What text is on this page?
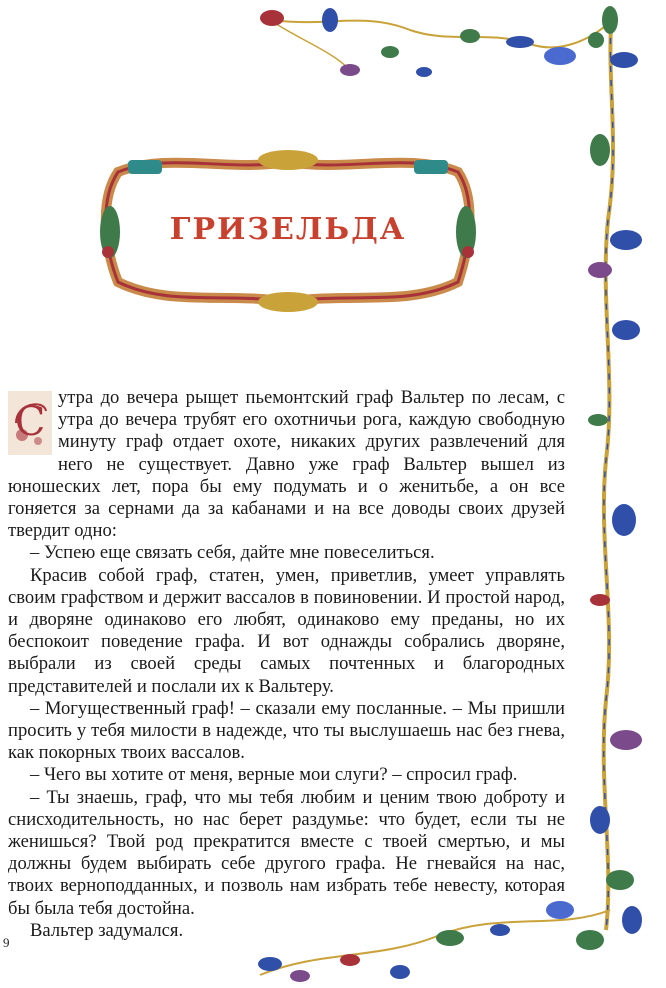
ГРИЗЕЛЬДА
С

утра до вечера рыщет пьемонтский граф Вальтер по лесам, с утра до вечера трубят его охотничьи рога, каждую свободную минуту граф отдает охоте, никаких других развлечений для него не существует. Давно уже граф Вальтер вышел из юношеских лет, пора бы ему подумать и о женитьбе, а он все гоняется за сернами да за кабанами и на все доводы своих друзей твердит одно:

– Успею еще связать себя, дайте мне повеселиться.

Красив собой граф, статен, умен, приветлив, умеет управлять своим графством и держит вассалов в повиновении. И простой народ, и дворяне одинаково его любят, одинаково ему преданы, но их беспокоит поведение графа. И вот однажды собрались дворяне, выбрали из своей среды самых почтенных и благородных представителей и послали их к Вальтеру.

– Могущественный граф! – сказали ему посланные. – Мы пришли просить у тебя милости в надежде, что ты выслушаешь нас без гнева, как покорных твоих вассалов.

– Чего вы хотите от меня, верные мои слуги? – спросил граф.

– Ты знаешь, граф, что мы тебя любим и ценим твою доброту и снисходительность, но нас берет раздумье: что будет, если ты не женишься? Твой род прекратится вместе с твоей смертью, и мы должны будем выбирать себе другого графа. Не гневайся на нас, твоих верноподданных, и позволь нам избрать тебе невесту, которая бы была тебя достойна.

Вальтер задумался.

9
